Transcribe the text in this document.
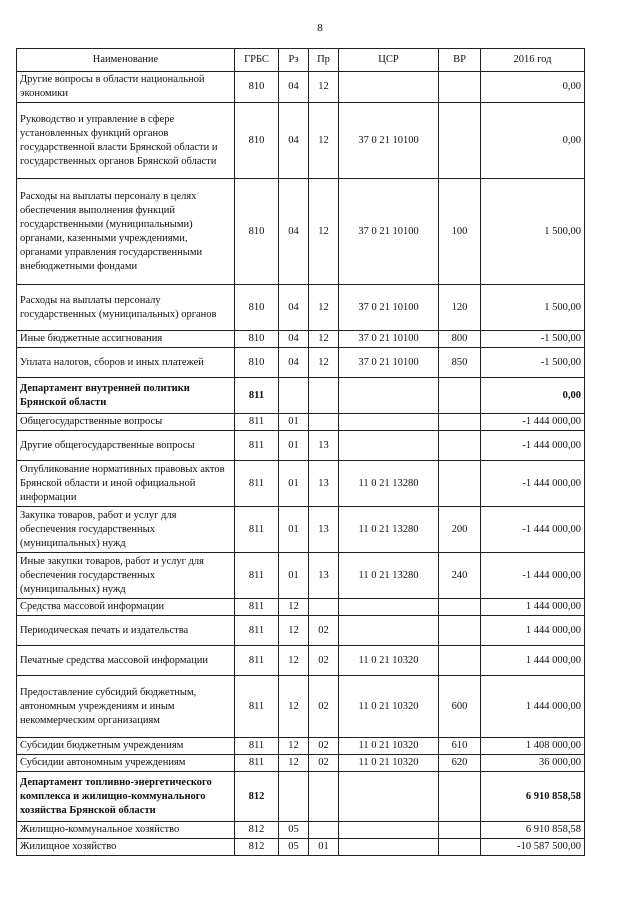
8
Наименование	ГРБС	Рз	Пр	ЦСР	ВР	2016 год
Другие вопросы в области национальной экономики	810	04	12			0,00
Руководство и управление в сфере установленных функций органов государственной власти Брянской области и государственных органов Брянской области	810	04	12	37 0 21 10100		0,00
Расходы на выплаты персоналу в целях обеспечения выполнения функций государственными (муниципальными) органами, казенными учреждениями, органами управления государственными внебюджетными фондами	810	04	12	37 0 21 10100	100	1 500,00
Расходы на выплаты персоналу государственных (муниципальных) органов	810	04	12	37 0 21 10100	120	1 500,00
Иные бюджетные ассигнования	810	04	12	37 0 21 10100	800	-1 500,00
Уплата налогов, сборов и иных платежей	810	04	12	37 0 21 10100	850	-1 500,00
Департамент внутренней политики Брянской области	811					0,00
Общегосударственные вопросы	811	01				-1 444 000,00
Другие общегосударственные вопросы	811	01	13			-1 444 000,00
Опубликование нормативных правовых актов Брянской области и иной официальной информации	811	01	13	11 0 21 13280		-1 444 000,00
Закупка товаров, работ и услуг для обеспечения государственных (муниципальных) нужд	811	01	13	11 0 21 13280	200	-1 444 000,00
Иные закупки товаров, работ и услуг для обеспечения государственных (муниципальных) нужд	811	01	13	11 0 21 13280	240	-1 444 000,00
Средства массовой информации	811	12				1 444 000,00
Периодическая печать и издательства	811	12	02			1 444 000,00
Печатные средства массовой информации	811	12	02	11 0 21 10320		1 444 000,00
Предоставление субсидий бюджетным, автономным учреждениям и иным некоммерческим организациям	811	12	02	11 0 21 10320	600	1 444 000,00
Субсидии бюджетным учреждениям	811	12	02	11 0 21 10320	610	1 408 000,00
Субсидии автономным учреждениям	811	12	02	11 0 21 10320	620	36 000,00
Департамент топливно-энергетического комплекса и жилищно-коммунального хозяйства Брянской области	812					6 910 858,58
Жилищно-коммунальное хозяйство	812	05				6 910 858,58
Жилищное хозяйство	812	05	01			-10 587 500,00
